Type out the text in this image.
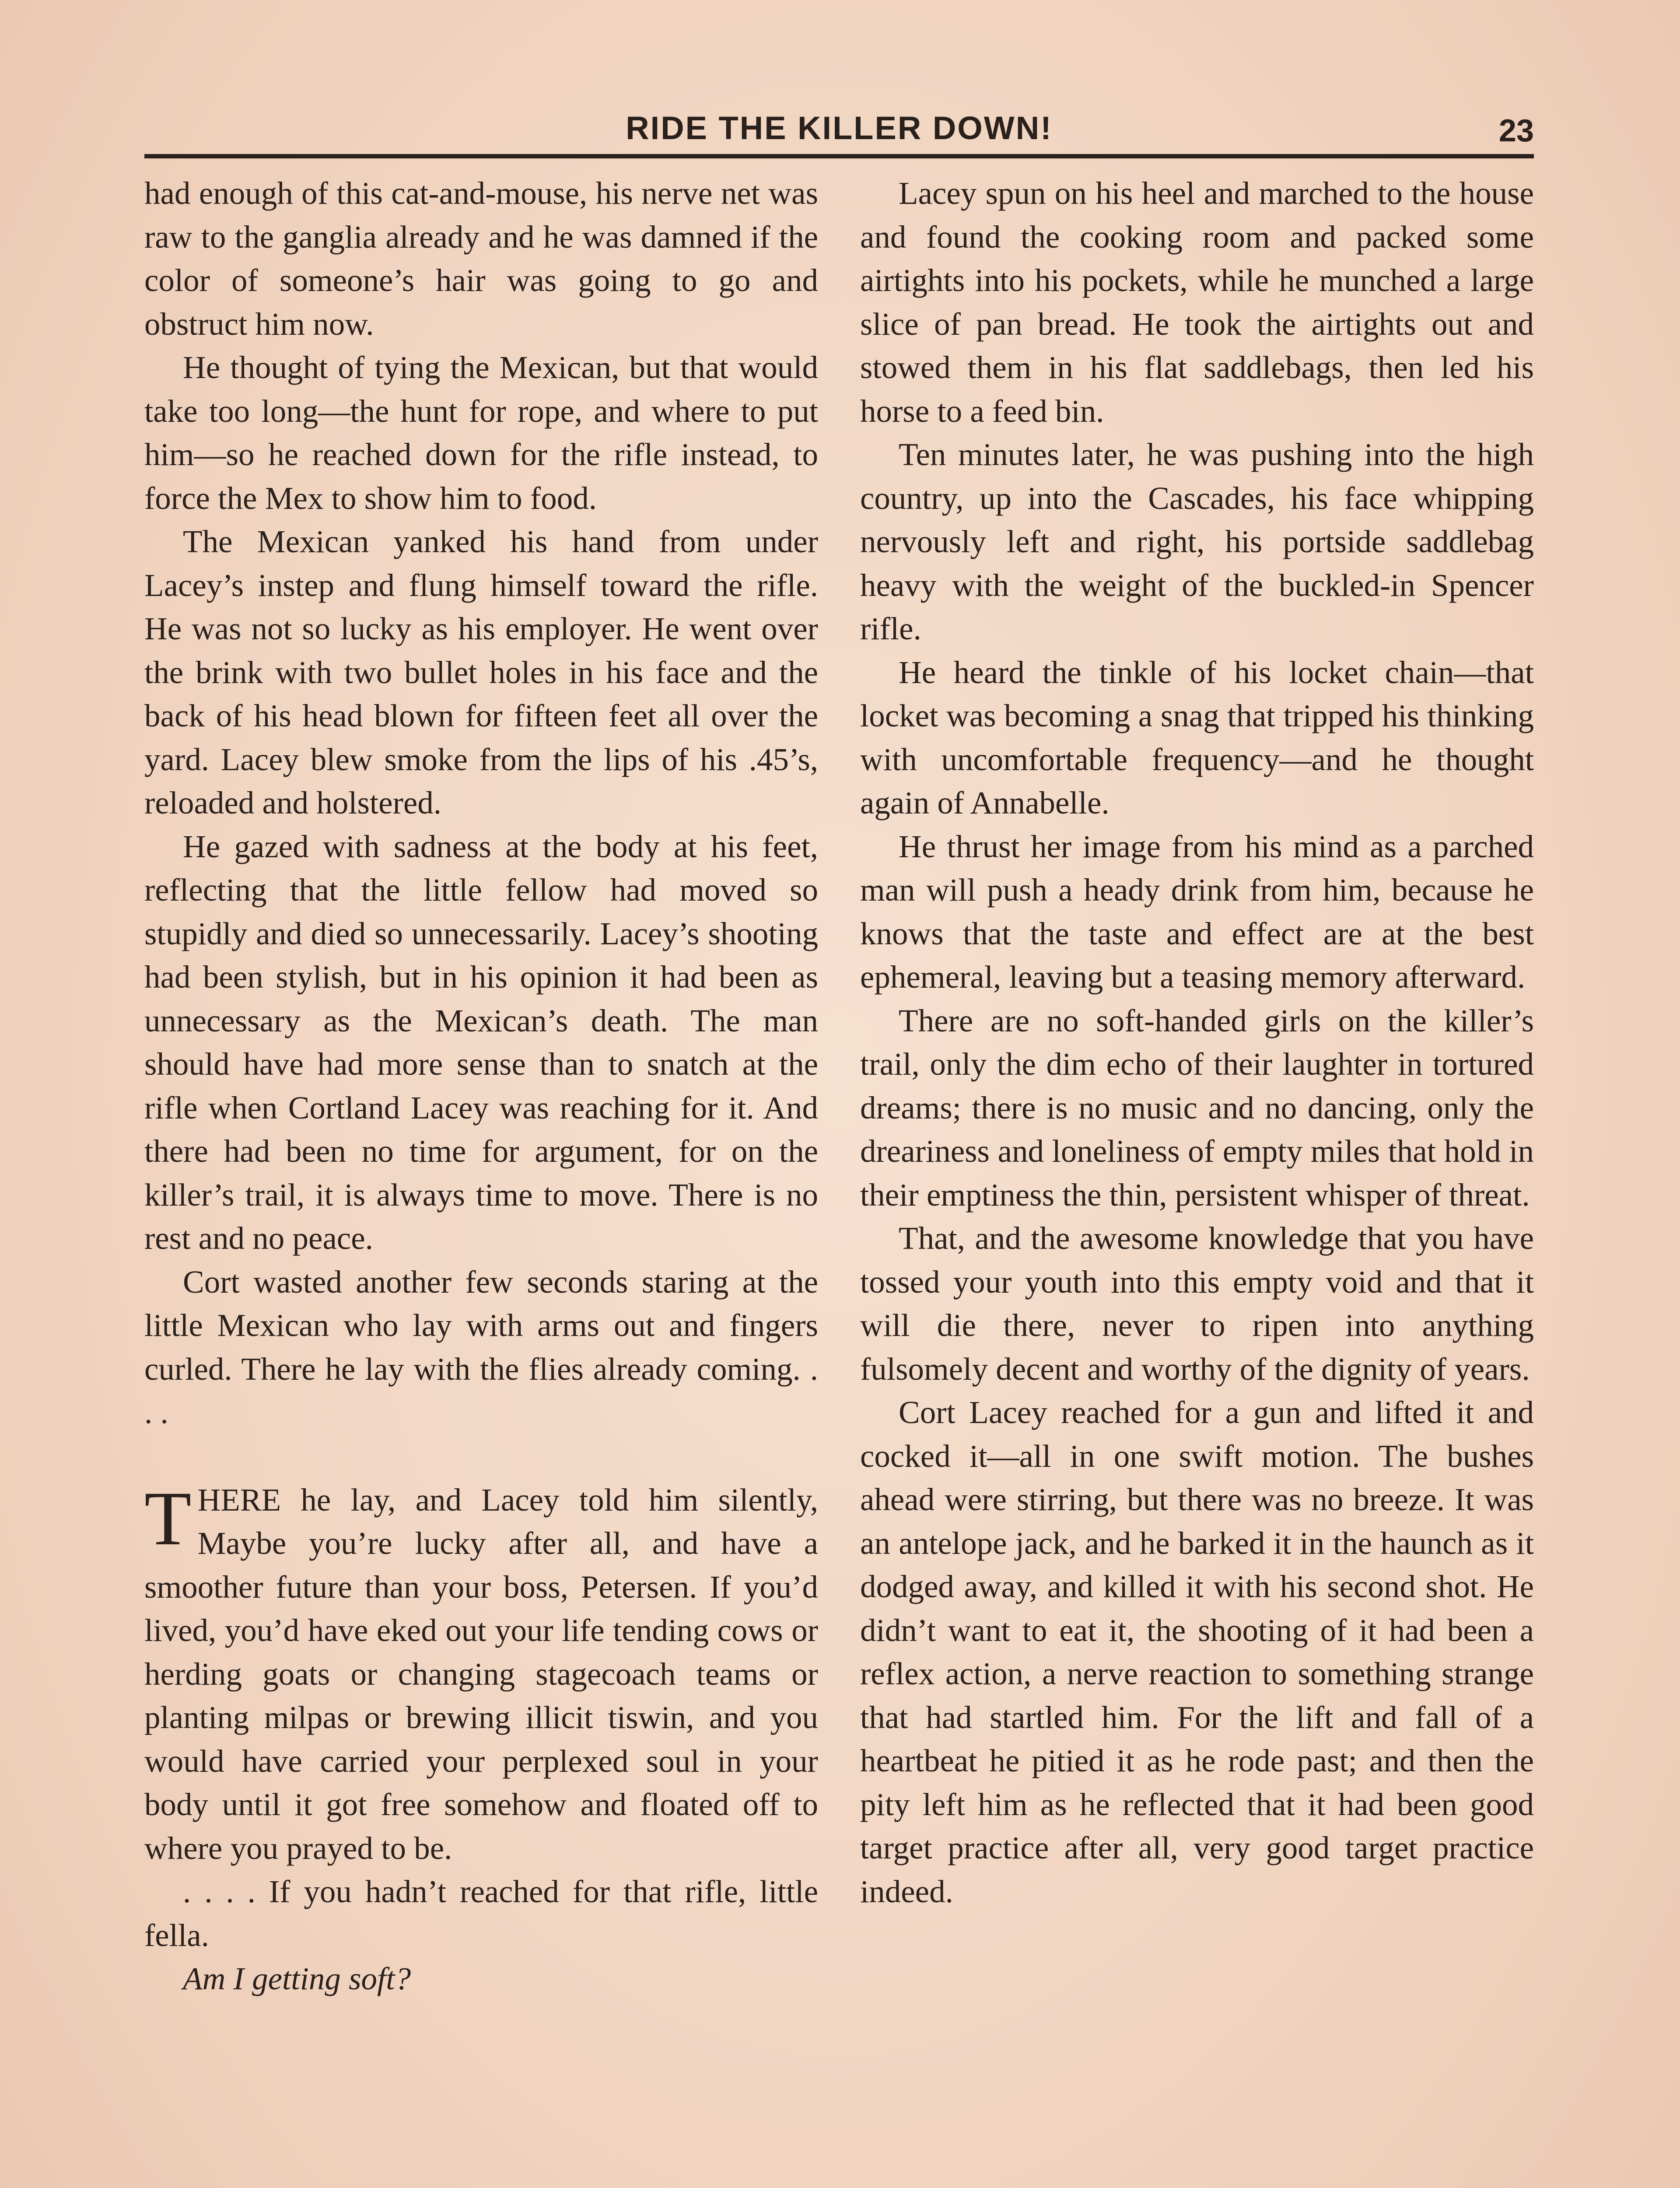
RIDE THE KILLER DOWN!	23

had enough of this cat-and-mouse, his nerve net was raw to the ganglia already and he was damned if the color of someone’s hair was going to go and obstruct him now.

He thought of tying the Mexican, but that would take too long—the hunt for rope, and where to put him—so he reached down for the rifle instead, to force the Mex to show him to food.

The Mexican yanked his hand from under Lacey’s instep and flung himself toward the rifle. He was not so lucky as his employer. He went over the brink with two bullet holes in his face and the back of his head blown for fifteen feet all over the yard. Lacey blew smoke from the lips of his .45’s, reloaded and holstered.

He gazed with sadness at the body at his feet, reflecting that the little fellow had moved so stupidly and died so unnecessarily. Lacey’s shooting had been stylish, but in his opinion it had been as unnecessary as the Mexican’s death. The man should have had more sense than to snatch at the rifle when Cortland Lacey was reaching for it. And there had been no time for argument, for on the killer’s trail, it is always time to move. There is no rest and no peace.

Cort wasted another few seconds staring at the little Mexican who lay with arms out and fingers curled. There he lay with the flies already coming. . . .

THERE he lay, and Lacey told him silently, Maybe you’re lucky after all, and have a smoother future than your boss, Petersen. If you’d lived, you’d have eked out your life tending cows or herding goats or changing stagecoach teams or planting milpas or brewing illicit tiswin, and you would have carried your perplexed soul in your body until it got free somehow and floated off to where you prayed to be.

. . . . If you hadn’t reached for that rifle, little fella.

Am I getting soft?

Lacey spun on his heel and marched to the house and found the cooking room and packed some airtights into his pockets, while he munched a large slice of pan bread. He took the airtights out and stowed them in his flat saddlebags, then led his horse to a feed bin.

Ten minutes later, he was pushing into the high country, up into the Cascades, his face whipping nervously left and right, his portside saddlebag heavy with the weight of the buckled-in Spencer rifle.

He heard the tinkle of his locket chain—that locket was becoming a snag that tripped his thinking with uncomfortable frequency—and he thought again of Annabelle.

He thrust her image from his mind as a parched man will push a heady drink from him, because he knows that the taste and effect are at the best ephemeral, leaving but a teasing memory afterward.

There are no soft-handed girls on the killer’s trail, only the dim echo of their laughter in tortured dreams; there is no music and no dancing, only the dreariness and loneliness of empty miles that hold in their emptiness the thin, persistent whisper of threat.

That, and the awesome knowledge that you have tossed your youth into this empty void and that it will die there, never to ripen into anything fulsomely decent and worthy of the dignity of years.

Cort Lacey reached for a gun and lifted it and cocked it—all in one swift motion. The bushes ahead were stirring, but there was no breeze. It was an antelope jack, and he barked it in the haunch as it dodged away, and killed it with his second shot. He didn’t want to eat it, the shooting of it had been a reflex action, a nerve reaction to something strange that had startled him. For the lift and fall of a heartbeat he pitied it as he rode past; and then the pity left him as he reflected that it had been good target practice after all, very good target practice indeed.
